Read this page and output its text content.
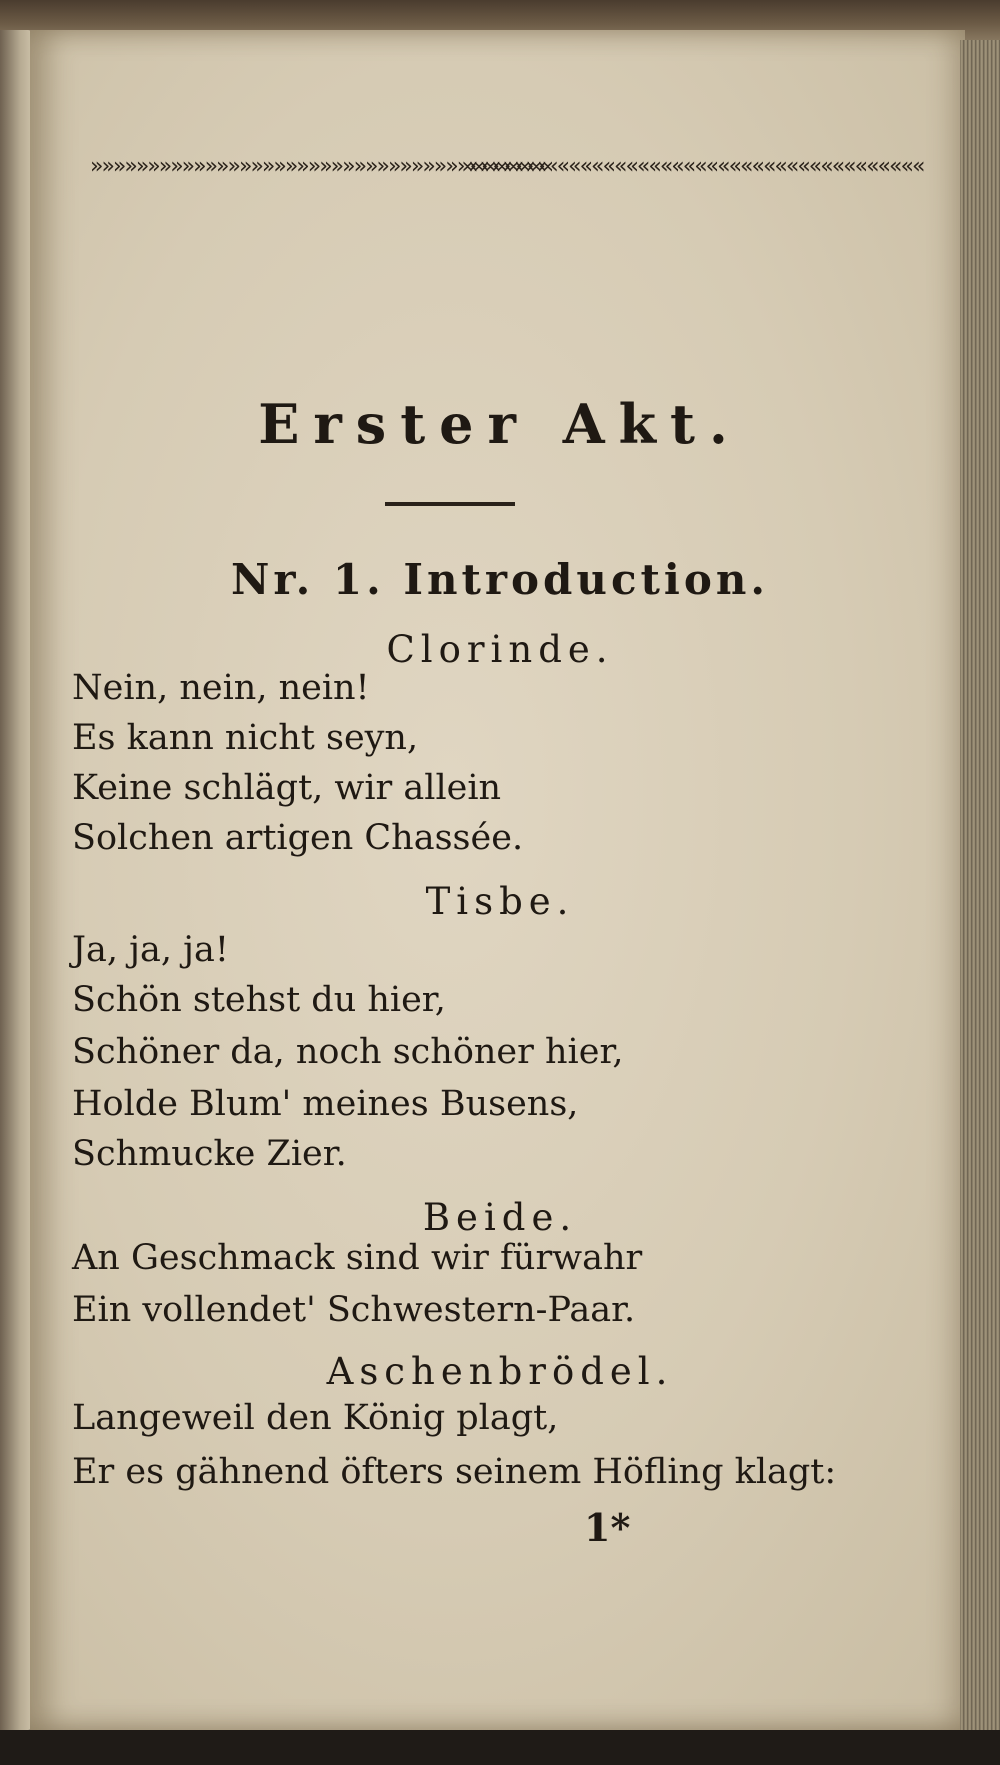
»»»»»»»»»»»»»»»»»»»»»»»»»»»»»»»»»»»»»»»»««««««««««««««««««««««««««««««««««««««««
Erster Akt.
Nr. 1. Introduction.
Clorinde.
Nein, nein, nein!
Es kann nicht seyn,
Keine schlägt, wir allein
Solchen artigen Chassée.
Tisbe.
Ja, ja, ja!
Schön stehst du hier,
Schöner da, noch schöner hier,
Holde Blum' meines Busens,
Schmucke Zier.
Beide.
An Geschmack sind wir fürwahr
Ein vollendet' Schwestern-Paar.
Aschenbrödel.
Langeweil den König plagt,
Er es gähnend öfters seinem Höfling klagt:
1*
